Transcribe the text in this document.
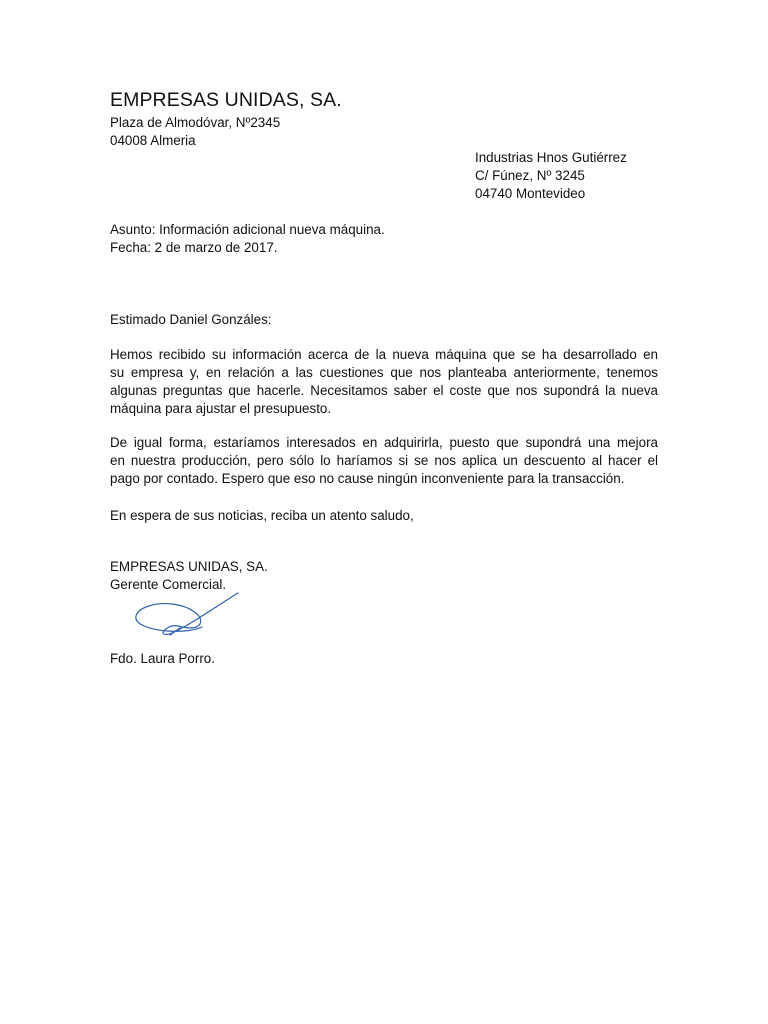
EMPRESAS UNIDAS, SA.
Plaza de Almodóvar, Nº2345
04008 Almeria
Industrias Hnos Gutiérrez
C/ Fúnez, Nº 3245
04740 Montevideo
Asunto: Información adicional nueva máquina.
Fecha: 2 de marzo de 2017.
Estimado Daniel Gonzáles:
Hemos recibido su información acerca de la nueva máquina que se ha desarrollado en
su empresa y, en relación a las cuestiones que nos planteaba anteriormente, tenemos
algunas preguntas que hacerle. Necesitamos saber el coste que nos supondrá la nueva
máquina para ajustar el presupuesto.
De igual forma, estaríamos interesados en adquirirla, puesto que supondrá una mejora
en nuestra producción, pero sólo lo haríamos si se nos aplica un descuento al hacer el
pago por contado. Espero que eso no cause ningún inconveniente para la transacción.
En espera de sus noticias, reciba un atento saludo,
EMPRESAS UNIDAS, SA.
Gerente Comercial.
Fdo. Laura Porro.
